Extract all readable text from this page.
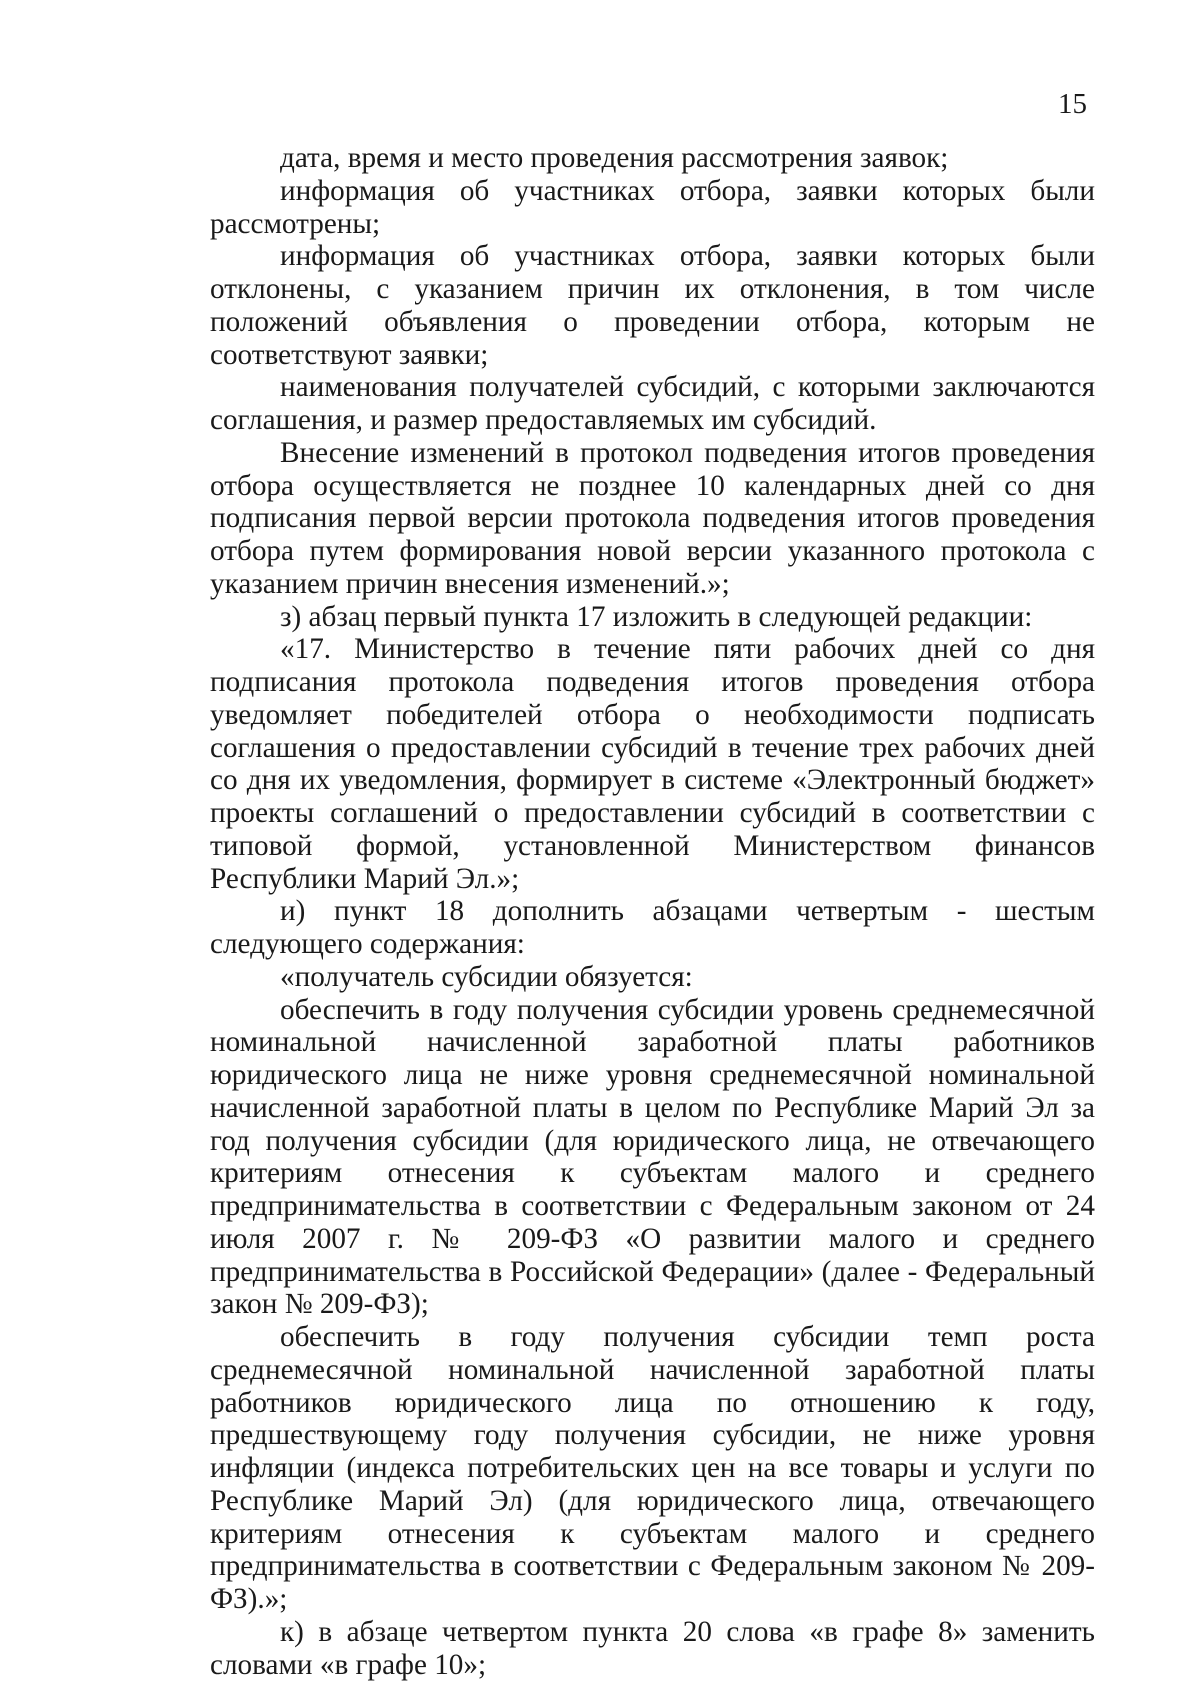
15

дата, время и место проведения рассмотрения заявок;

информация об участниках отбора, заявки которых были рассмотрены;

информация об участниках отбора, заявки которых были отклонены, с указанием причин их отклонения, в том числе положений объявления о проведении отбора, которым не соответствуют заявки;

наименования получателей субсидий, с которыми заключаются соглашения, и размер предоставляемых им субсидий.

Внесение изменений в протокол подведения итогов проведения отбора осуществляется не позднее 10 календарных дней со дня подписания первой версии протокола подведения итогов проведения отбора путем формирования новой версии указанного протокола с указанием причин внесения изменений.»;

з) абзац первый пункта 17 изложить в следующей редакции:

«17. Министерство в течение пяти рабочих дней со дня подписания протокола подведения итогов проведения отбора уведомляет победителей отбора о необходимости подписать соглашения о предоставлении субсидий в течение трех рабочих дней со дня их уведомления, формирует в системе «Электронный бюджет» проекты соглашений о предоставлении субсидий в соответствии с типовой формой, установленной Министерством финансов Республики Марий Эл.»;

и) пункт 18 дополнить абзацами четвертым - шестым следующего содержания:

«получатель субсидии обязуется:

обеспечить в году получения субсидии уровень среднемесячной номинальной начисленной заработной платы работников юридического лица не ниже уровня среднемесячной номинальной начисленной заработной платы в целом по Республике Марий Эл за год получения субсидии (для юридического лица, не отвечающего критериям отнесения к субъектам малого и среднего предпринимательства в соответствии с Федеральным законом от 24 июля 2007 г. № 209-ФЗ «О развитии малого и среднего предпринимательства в Российской Федерации» (далее - Федеральный закон № 209-ФЗ);

обеспечить в году получения субсидии темп роста среднемесячной номинальной начисленной заработной платы работников юридического лица по отношению к году, предшествующему году получения субсидии, не ниже уровня инфляции (индекса потребительских цен на все товары и услуги по Республике Марий Эл) (для юридического лица, отвечающего критериям отнесения к субъектам малого и среднего предпринимательства в соответствии с Федеральным законом № 209-ФЗ).»;

к) в абзаце четвертом пункта 20 слова «в графе 8» заменить словами «в графе 10»;
